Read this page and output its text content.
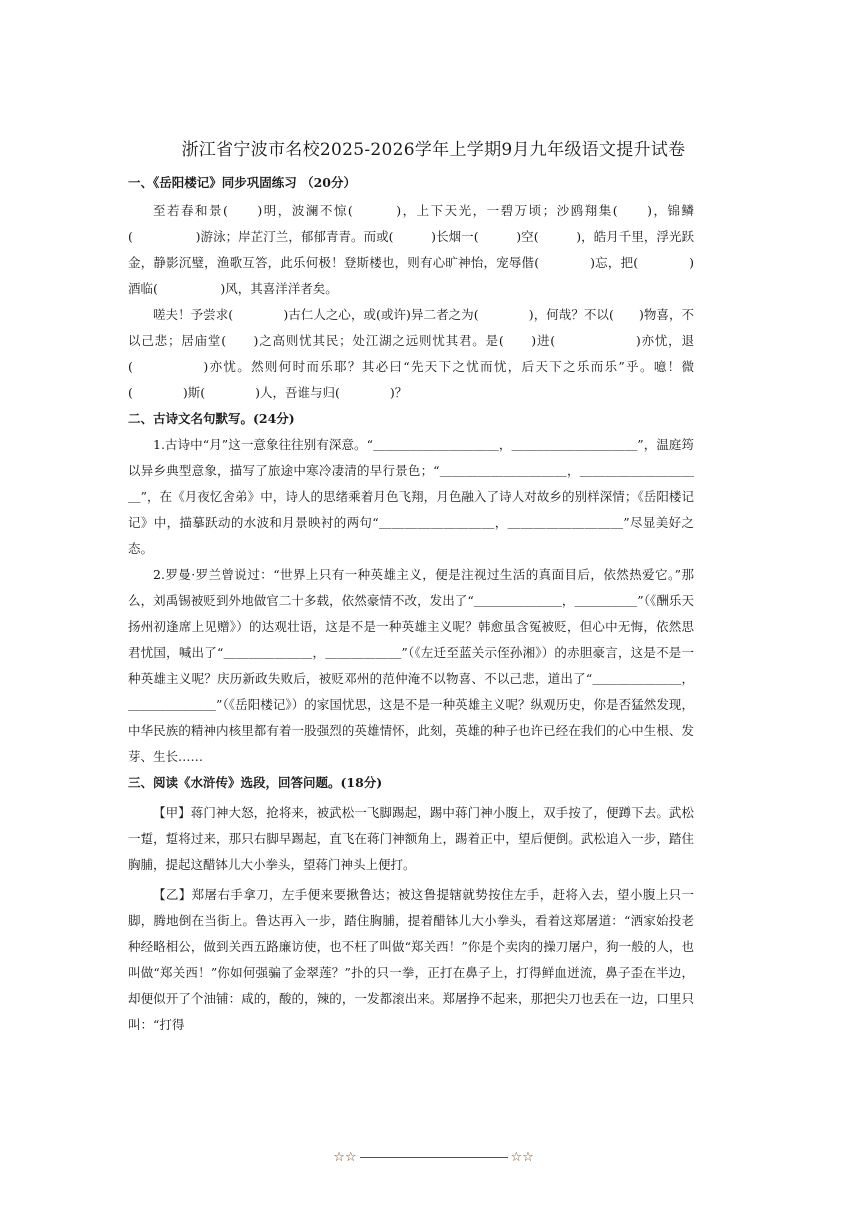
浙江省宁波市名校2025-2026学年上学期9月九年级语文提升试卷

一、《岳阳楼记》同步巩固练习 （20分）

至若春和景(　　)明，波澜不惊(　　　)，上下天光，一碧万顷；沙鸥翔集(　　)，锦鳞(　　　　　)游泳；岸芷汀兰，郁郁青青。而或(　　　)长烟一(　　　)空(　　　)，皓月千里，浮光跃金，静影沉璧，渔歌互答，此乐何极！登斯楼也，则有心旷神怡，宠辱偕(　　　　)忘，把(　　　　)酒临(　　　　　)风，其喜洋洋者矣。

嗟夫！予尝求(　　　　)古仁人之心，或(或许)异二者之为(　　　　)，何哉？不以(　　)物喜，不以己悲；居庙堂(　　)之高则忧其民；处江湖之远则忧其君。是(　　)进(　　　　　　)亦忧，退(　　　　　)亦忧。然则何时而乐耶？其必曰“先天下之忧而忧，后天下之乐而乐”乎。噫！微(　　　　)斯(　　　　)人，吾谁与归(　　　　)？

二、古诗文名句默写。(24分)

1.古诗中“月”这一意象往往别有深意。“＿＿＿＿＿＿＿＿＿＿，＿＿＿＿＿＿＿＿＿＿”，温庭筠以异乡典型意象，描写了旅途中寒冷凄清的早行景色；“＿＿＿＿＿＿＿＿＿＿，＿＿＿＿＿＿＿＿＿＿”，在《月夜忆舍弟》中，诗人的思绪乘着月色飞翔，月色融入了诗人对故乡的别样深情；《岳阳楼记记》中，描摹跃动的水波和月景映衬的两句“＿＿＿＿＿＿＿＿＿，＿＿＿＿＿＿＿＿＿”尽显美好之态。

2.罗曼·罗兰曾说过：“世界上只有一种英雄主义，便是注视过生活的真面目后，依然热爱它。”那么，刘禹锡被贬到外地做官二十多载，依然豪情不改，发出了“＿＿＿＿＿＿＿，＿＿＿＿＿”（《酬乐天扬州初逢席上见赠》）的达观壮语，这是不是一种英雄主义呢？韩愈虽含冤被贬，但心中无悔，依然思君忧国，喊出了“＿＿＿＿＿＿＿，＿＿＿＿＿＿”（《左迁至蓝关示侄孙湘》）的赤胆豪言，这是不是一种英雄主义呢？庆历新政失败后，被贬邓州的范仲淹不以物喜、不以己悲，道出了“＿＿＿＿＿＿＿，＿＿＿＿＿＿＿”（《岳阳楼记》）的家国忧思，这是不是一种英雄主义呢？纵观历史，你是否猛然发现，中华民族的精神内核里都有着一股强烈的英雄情怀，此刻，英雄的种子也许已经在我们的心中生根、发芽、生长……

三、阅读《水浒传》选段，回答问题。(18分)

【甲】蒋门神大怒，抢将来，被武松一飞脚踢起，踢中蒋门神小腹上，双手按了，便蹲下去。武松一踅，踅将过来，那只右脚早踢起，直飞在蒋门神额角上，踢着正中，望后便倒。武松追入一步，踏住胸脯，提起这醋钵儿大小拳头，望蒋门神头上便打。

【乙】郑屠右手拿刀，左手便来要揪鲁达；被这鲁提辖就势按住左手，赶将入去，望小腹上只一脚，腾地倒在当街上。鲁达再入一步，踏住胸脯，提着醋钵儿大小拳头，看着这郑屠道：“洒家始投老种经略相公，做到关西五路廉访使，也不枉了叫做“郑关西！”你是个卖肉的操刀屠户，狗一般的人，也叫做“郑关西！”你如何强骗了金翠莲？”扑的只一拳，正打在鼻子上，打得鲜血迸流，鼻子歪在半边，却便似开了个油铺：咸的，酸的，辣的，一发都滚出来。郑屠挣不起来，那把尖刀也丢在一边，口里只叫：“打得

☆☆	☆☆
